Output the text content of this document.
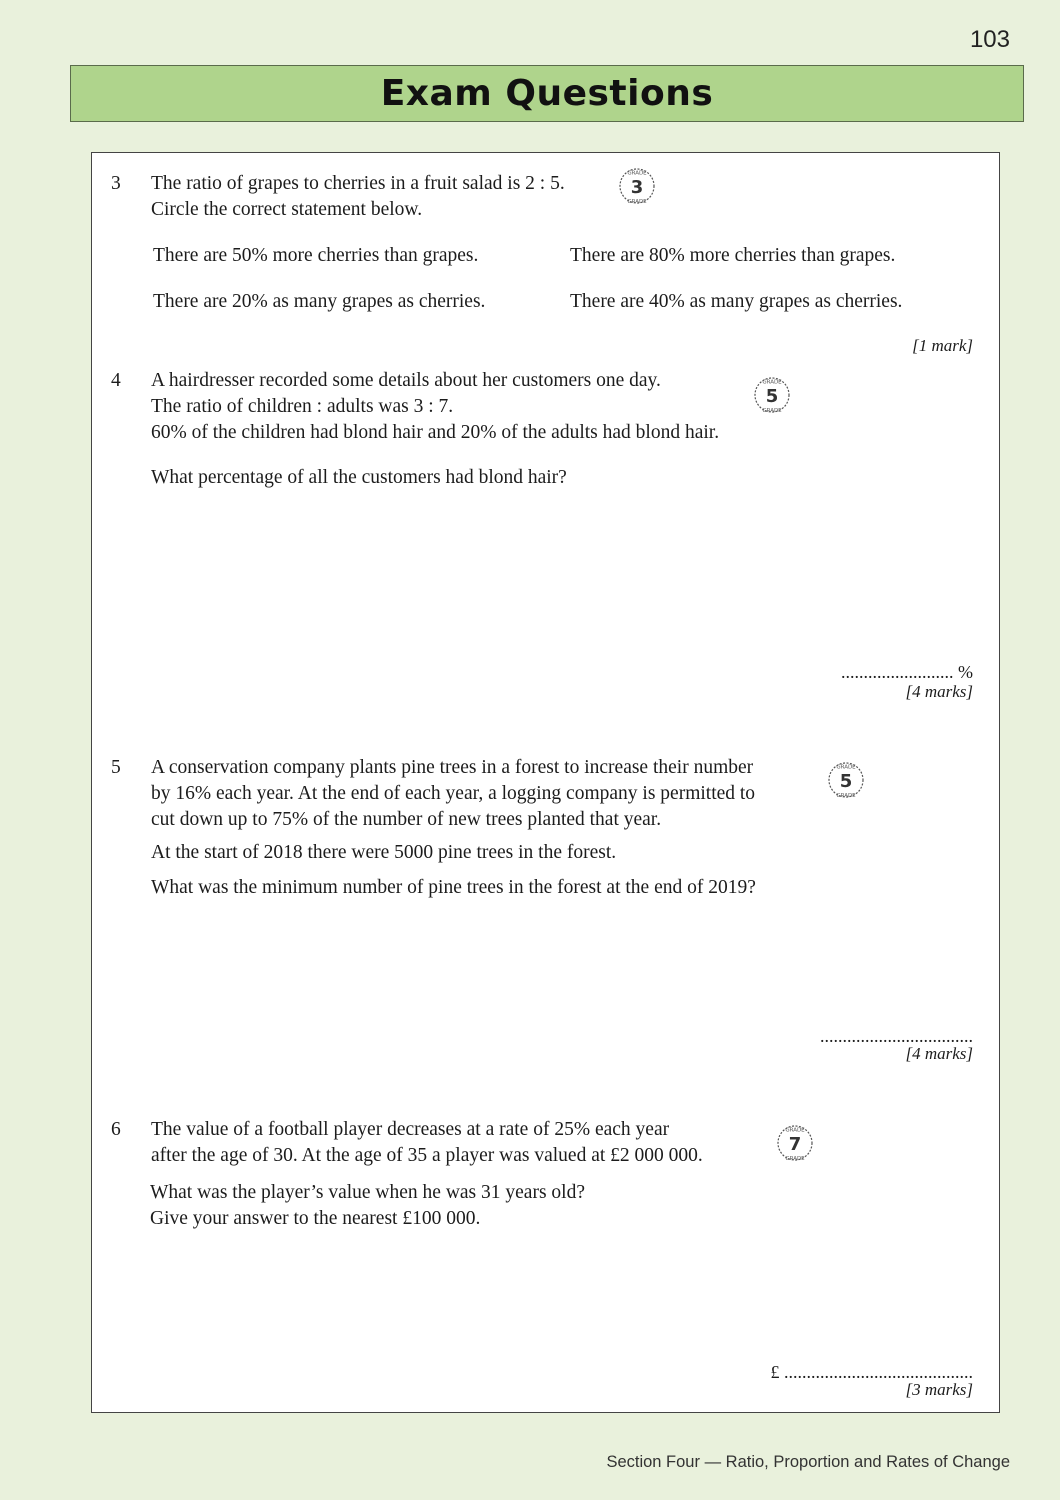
103
Exam Questions
3 The ratio of grapes to cherries in a fruit salad is 2 : 5.
Circle the correct statement below.
GRADE
GRADE
3
There are 50% more cherries than grapes.	There are 80% more cherries than grapes.
There are 20% as many grapes as cherries.	There are 40% as many grapes as cherries.
[1 mark]
4 A hairdresser recorded some details about her customers one day.
The ratio of children : adults was 3 : 7.
60% of the children had blond hair and 20% of the adults had blond hair.
GRADE
GRADE
5
What percentage of all the customers had blond hair?
......................... %
[4 marks]
5 A conservation company plants pine trees in a forest to increase their number
by 16% each year. At the end of each year, a logging company is permitted to
cut down up to 75% of the number of new trees planted that year.
GRADE
GRADE
5
At the start of 2018 there were 5000 pine trees in the forest.
What was the minimum number of pine trees in the forest at the end of 2019?
..................................
[4 marks]
6 The value of a football player decreases at a rate of 25% each year
after the age of 30. At the age of 35 a player was valued at £2 000 000.
GRADE
GRADE
7
What was the player’s value when he was 31 years old?
Give your answer to the nearest £100 000.
£ ..........................................
[3 marks]
Section Four — Ratio, Proportion and Rates of Change
